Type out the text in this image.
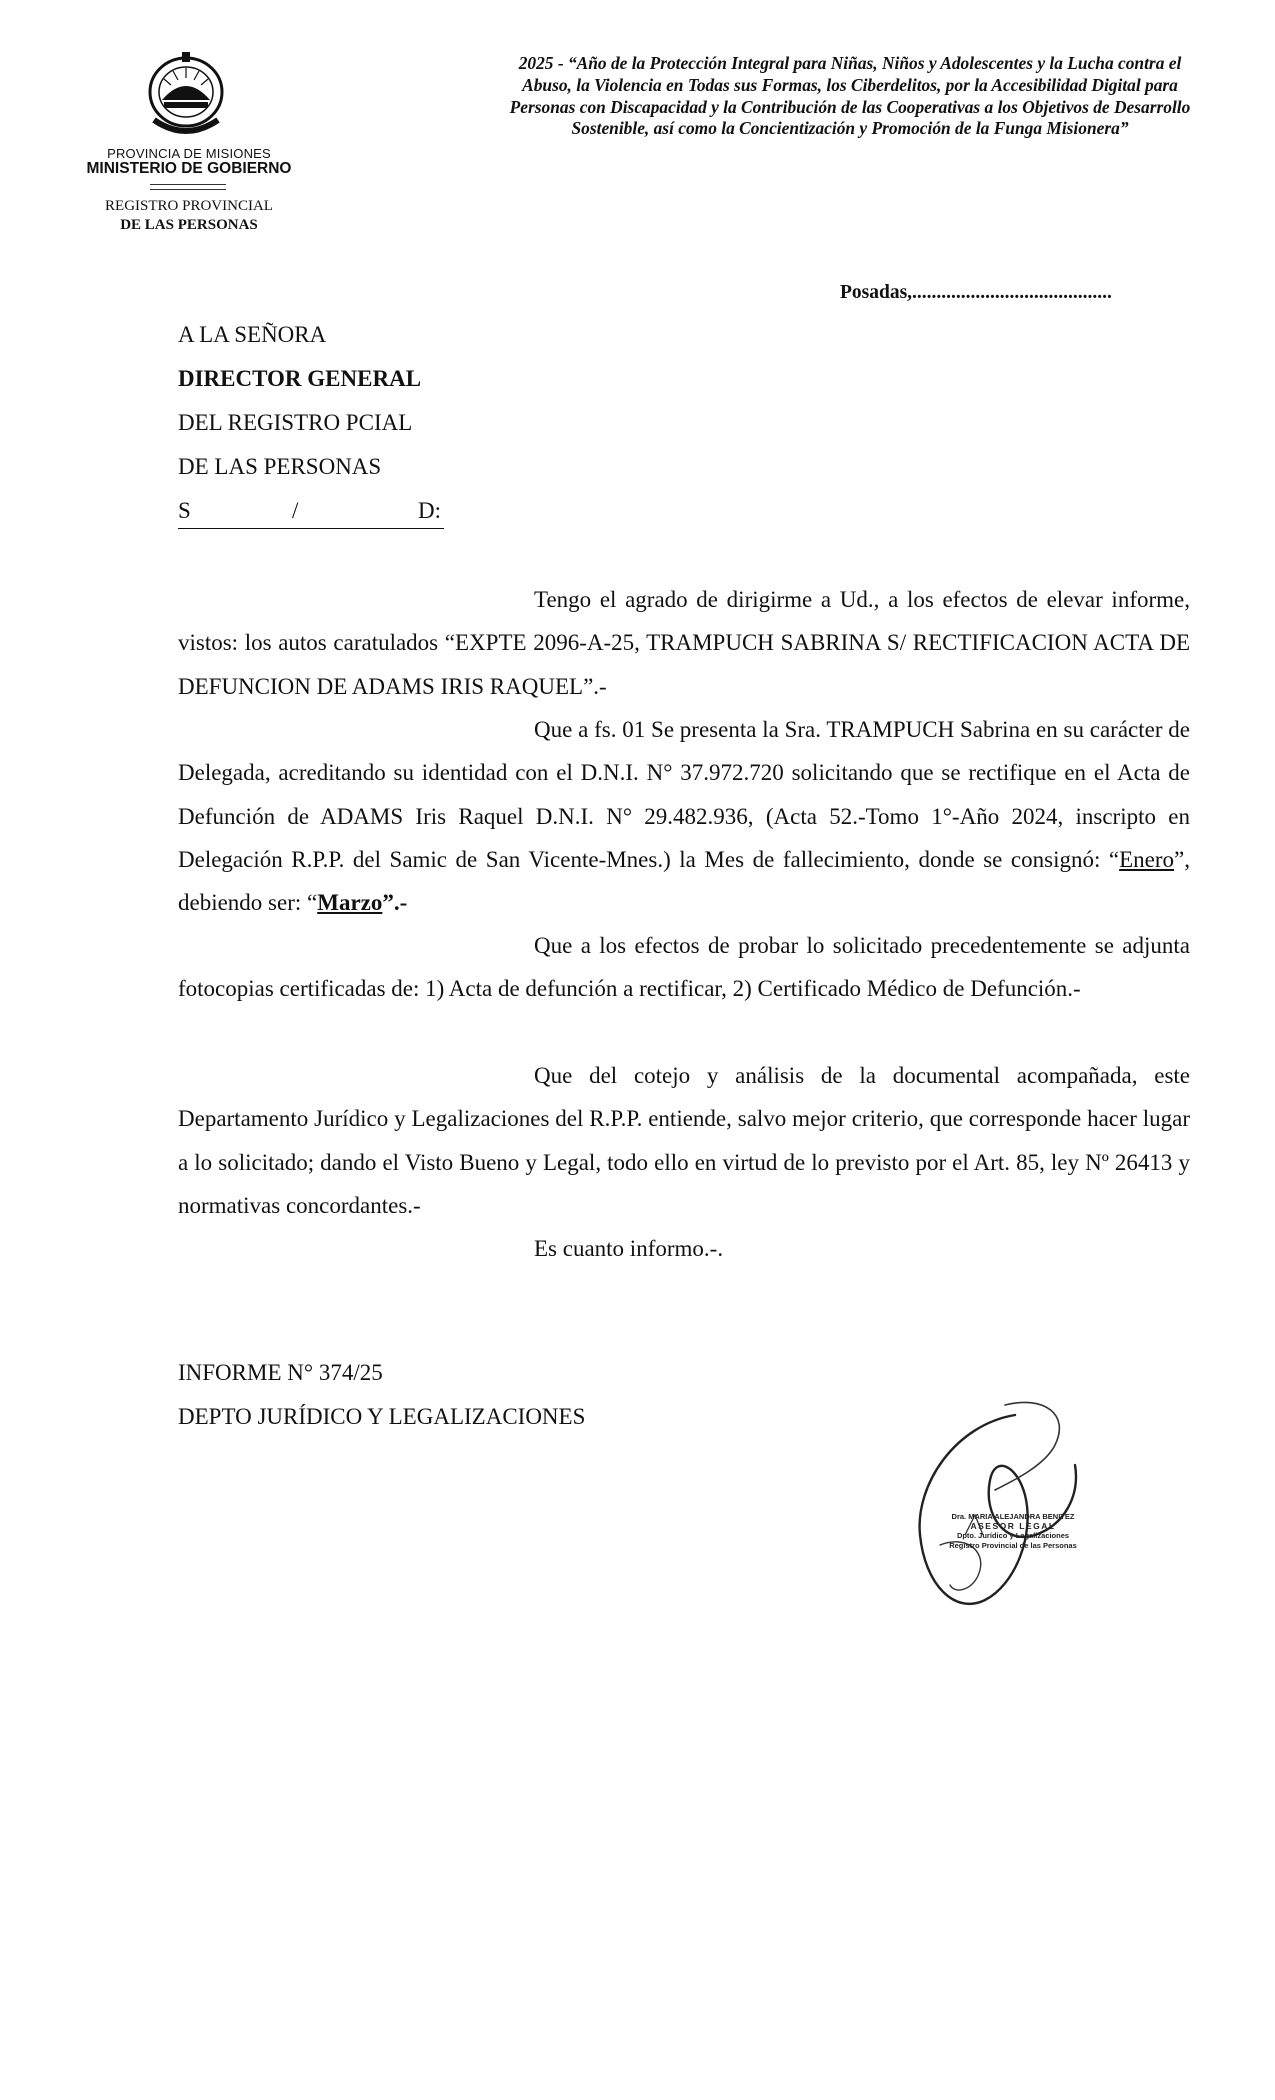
PROVINCIA DE MISIONES
MINISTERIO DE GOBIERNO
REGISTRO PROVINCIAL
DE LAS PERSONAS
2025 - “Año de la Protección Integral para Niñas, Niños y Adolescentes y la Lucha contra el Abuso, la Violencia en Todas sus Formas, los Ciberdelitos, por la Accesibilidad Digital para Personas con Discapacidad y la Contribución de las Cooperativas a los Objetivos de Desarrollo Sostenible, así como la Concientización y Promoción de la Funga Misionera”
Posadas,.........................................
A LA SEÑORA
DIRECTOR GENERAL
DEL REGISTRO PCIAL
DE LAS PERSONAS
S	/	D:
Tengo el agrado de dirigirme a Ud., a los efectos de elevar informe, vistos: los autos caratulados “EXPTE 2096-A-25, TRAMPUCH SABRINA S/ RECTIFICACION ACTA DE DEFUNCION DE ADAMS IRIS RAQUEL”.-
Que a fs. 01 Se presenta la Sra. TRAMPUCH Sabrina en su carácter de Delegada, acreditando su identidad con el D.N.I. N° 37.972.720 solicitando que se rectifique en el Acta de Defunción de ADAMS Iris Raquel D.N.I. N° 29.482.936, (Acta 52.-Tomo 1°-Año 2024, inscripto en Delegación R.P.P. del Samic de San Vicente-Mnes.) la Mes de fallecimiento, donde se consignó: “Enero”, debiendo ser: “Marzo”.-
Que a los efectos de probar lo solicitado precedentemente se adjunta fotocopias certificadas de: 1) Acta de defunción a rectificar, 2) Certificado Médico de Defunción.-
Que del cotejo y análisis de la documental acompañada, este Departamento Jurídico y Legalizaciones del R.P.P. entiende, salvo mejor criterio, que corresponde hacer lugar a lo solicitado; dando el Visto Bueno y Legal, todo ello en virtud de lo previsto por el Art. 85, ley Nº 26413 y normativas concordantes.-
Es cuanto informo.-.
INFORME N° 374/25
DEPTO JURÍDICO Y LEGALIZACIONES
Dra. MARIA ALEJANDRA BENITEZ
ASESOR LEGAL
Dpto. Jurídico y Legalizaciones
Registro Provincial de las Personas
